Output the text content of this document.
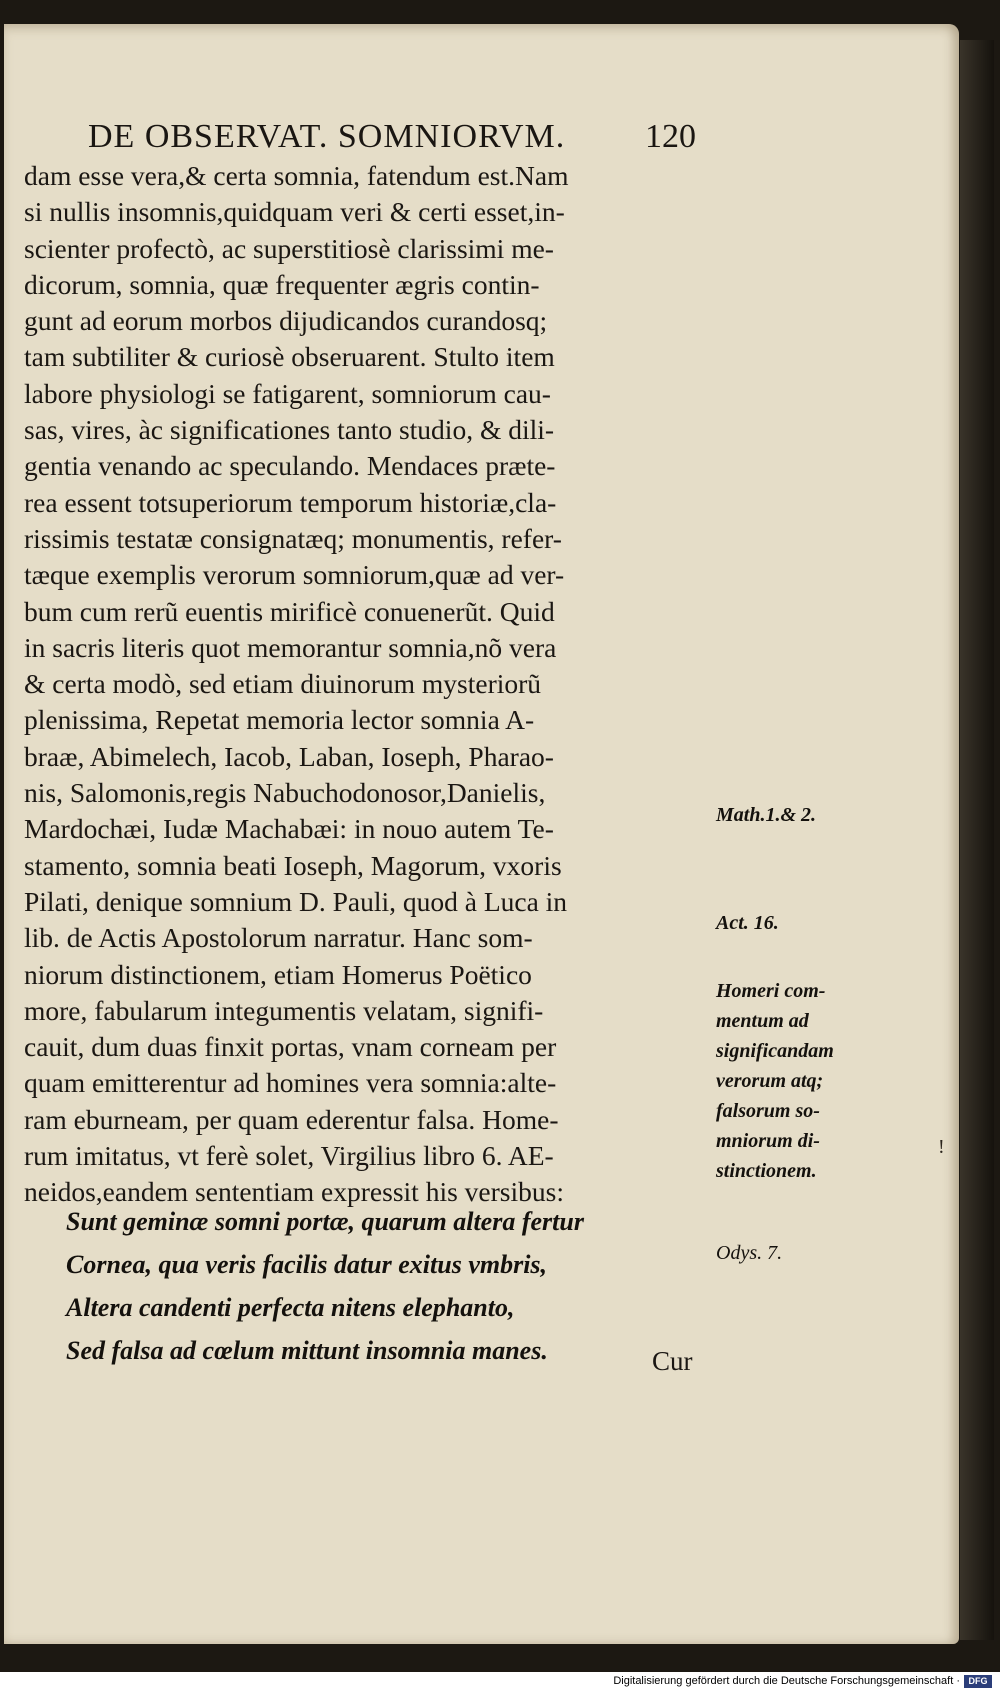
DE OBSERVAT. SOMNIORVM.	120
dam esse vera,& certa somnia, fatendum est.Nam
si nullis insomnis,quidquam veri & certi esset,in-
scienter profectò, ac superstitiosè clarissimi me-
dicorum, somnia, quæ frequenter ægris contin-
gunt ad eorum morbos dijudicandos curandosq;
tam subtiliter & curiosè obseruarent. Stulto item
labore physiologi se fatigarent, somniorum cau-
sas, vires, àc significationes tanto studio, & dili-
gentia venando ac speculando. Mendaces præte-
rea essent totsuperiorum temporum historiæ,cla-
rissimis testatæ consignatæq; monumentis, refer-
tæque exemplis verorum somniorum,quæ ad ver-
bum cum rerũ euentis mirificè conuenerũt. Quid
in sacris literis quot memorantur somnia,nõ vera
& certa modò, sed etiam diuinorum mysteriorũ
plenissima, Repetat memoria lector somnia A-
braæ, Abimelech, Iacob, Laban, Ioseph, Pharao-
nis, Salomonis,regis Nabuchodonosor,Danielis,
Mardochæi, Iudæ Machabæi: in nouo autem Te-
stamento, somnia beati Ioseph, Magorum, vxoris
Pilati, denique somnium D. Pauli, quod à Luca in
lib. de Actis Apostolorum narratur. Hanc som-
niorum distinctionem, etiam Homerus Poëtico
more, fabularum integumentis velatam, signifi-
cauit, dum duas finxit portas, vnam corneam per
quam emitterentur ad homines vera somnia:alte-
ram eburneam, per quam ederentur falsa. Home-
rum imitatus, vt ferè solet, Virgilius libro 6. AE-
neidos,eandem sententiam expressit his versibus:
Sunt geminæ somni portæ, quarum altera fertur
Cornea, qua veris facilis datur exitus vmbris,
Altera candenti perfecta nitens elephanto,
Sed falsa ad cœlum mittunt insomnia manes.	Cur

Math.1.& 2.

Act. 16.

Homeri com-
mentum ad
significandam
verorum atq;
falsorum so-
mniorum di-
stinctionem.

Odys. 7.

!
Digitalisierung gefördert durch die Deutsche Forschungsgemeinschaft · DFG
